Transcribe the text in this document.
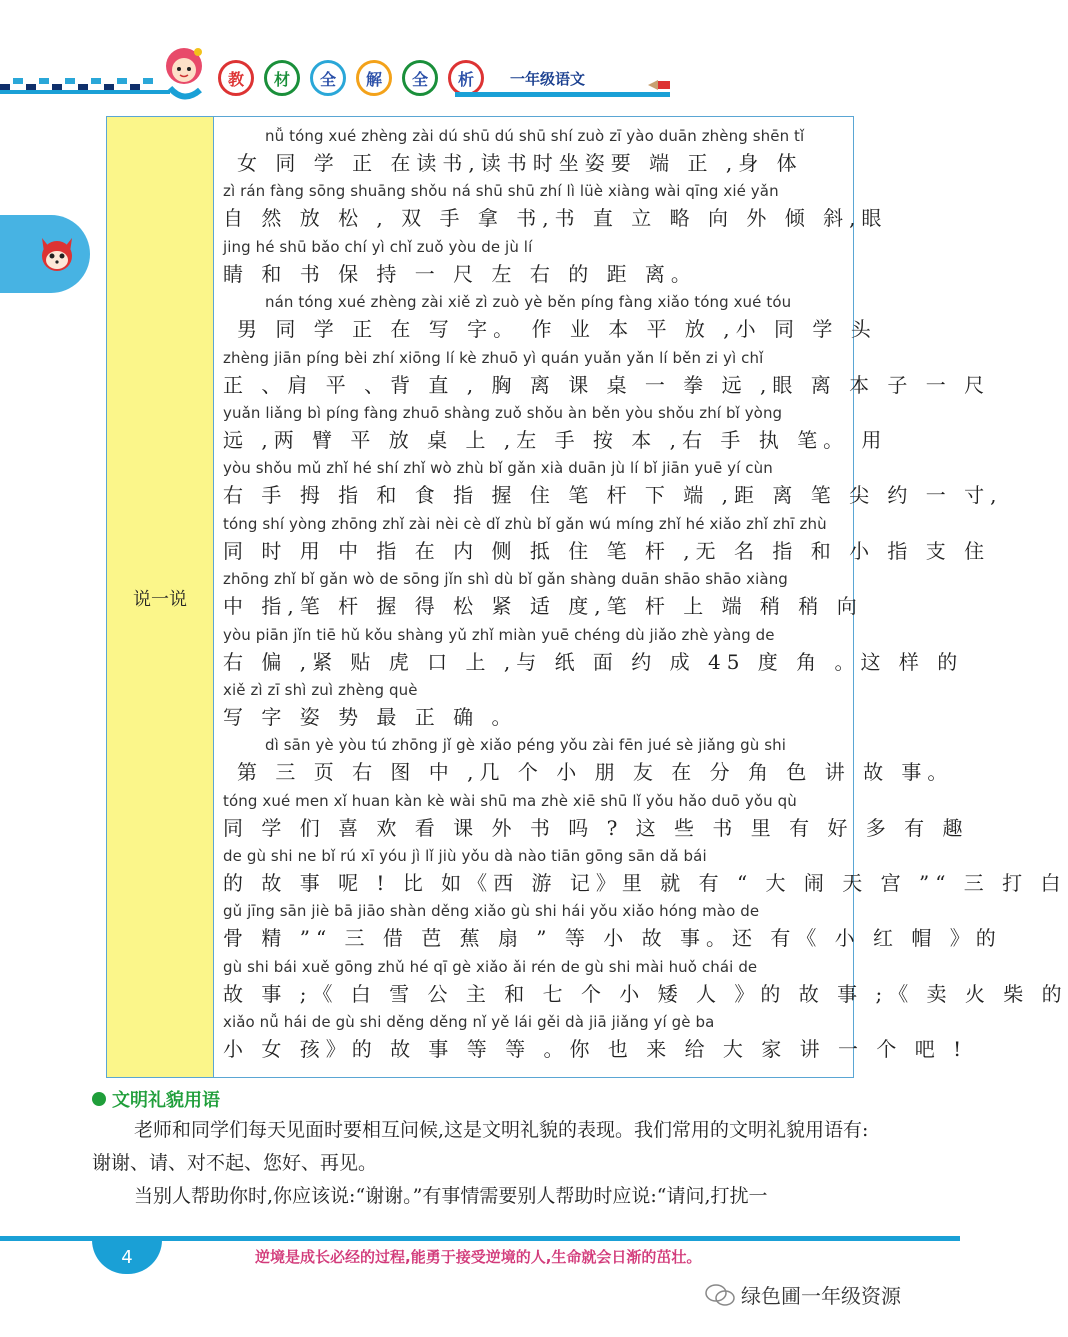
教	材	全	解	全	析	一年级语文
说一说
nǚ tóng xué zhèng zài dú shū dú shū shí zuò zī yào duān zhèng shēn tǐ
女 同 学 正 在读书,读书时坐姿要 端 正 ,身 体
zì rán fàng sōng shuāng shǒu ná shū shū zhí lì lüè xiàng wài qīng xié yǎn
自 然 放 松 , 双 手 拿 书,书 直 立 略 向 外 倾 斜,眼
jing hé shū bǎo chí yì chǐ zuǒ yòu de jù lí
睛 和 书 保 持 一 尺 左 右 的 距 离。
nán tóng xué zhèng zài xiě zì zuò yè běn píng fàng xiǎo tóng xué tóu
男 同 学 正 在 写 字。 作 业 本 平 放 ,小 同 学 头
zhèng jiān píng bèi zhí xiōng lí kè zhuō yì quán yuǎn yǎn lí běn zi yì chǐ
正 、肩 平 、背 直 , 胸 离 课 桌 一 拳 远 ,眼 离 本 子 一 尺
yuǎn liǎng bì píng fàng zhuō shàng zuǒ shǒu àn běn yòu shǒu zhí bǐ yòng
远 ,两 臂 平 放 桌 上 ,左 手 按 本 ,右 手 执 笔。 用
yòu shǒu mǔ zhǐ hé shí zhǐ wò zhù bǐ gǎn xià duān jù lí bǐ jiān yuē yí cùn
右 手 拇 指 和 食 指 握 住 笔 杆 下 端 ,距 离 笔 尖 约 一 寸,
tóng shí yòng zhōng zhǐ zài nèi cè dǐ zhù bǐ gǎn wú míng zhǐ hé xiǎo zhǐ zhī zhù
同 时 用 中 指 在 内 侧 抵 住 笔 杆 ,无 名 指 和 小 指 支 住
zhōng zhǐ bǐ gǎn wò de sōng jǐn shì dù bǐ gǎn shàng duān shāo shāo xiàng
中 指,笔 杆 握 得 松 紧 适 度,笔 杆 上 端 稍 稍 向
yòu piān jǐn tiē hǔ kǒu shàng yǔ zhǐ miàn yuē chéng dù jiǎo zhè yàng de
右 偏 ,紧 贴 虎 口 上 ,与 纸 面 约 成 45 度 角 。这 样 的
xiě zì zī shì zuì zhèng què
写 字 姿 势 最 正 确 。
dì sān yè yòu tú zhōng jǐ gè xiǎo péng yǒu zài fēn jué sè jiǎng gù shi
第 三 页 右 图 中 ,几 个 小 朋 友 在 分 角 色 讲 故 事。
tóng xué men xǐ huan kàn kè wài shū ma zhè xiē shū lǐ yǒu hǎo duō yǒu qù
同 学 们 喜 欢 看 课 外 书 吗 ? 这 些 书 里 有 好 多 有 趣
de gù shi ne bǐ rú xī yóu jì lǐ jiù yǒu dà nào tiān gōng sān dǎ bái
的 故 事 呢 ! 比 如《西 游 记》里 就 有 “ 大 闹 天 宫 ”“ 三 打 白
gǔ jīng sān jiè bā jiāo shàn děng xiǎo gù shi hái yǒu xiǎo hóng mào de
骨 精 ”“ 三 借 芭 蕉 扇 ” 等 小 故 事。还 有《 小 红 帽 》的
gù shi bái xuě gōng zhǔ hé qī gè xiǎo ǎi rén de gù shi mài huǒ chái de
故 事 ;《 白 雪 公 主 和 七 个 小 矮 人 》的 故 事 ;《 卖 火 柴 的
xiǎo nǚ hái de gù shi děng děng nǐ yě lái gěi dà jiā jiǎng yí gè ba
小 女 孩》的 故 事 等 等 。你 也 来 给 大 家 讲 一 个 吧 !
文明礼貌用语
老师和同学们每天见面时要相互问候,这是文明礼貌的表现。我们常用的文明礼貌用语有:谢谢、请、对不起、您好、再见。
当别人帮助你时,你应该说:“谢谢。”有事情需要别人帮助时应说:“请问,打扰一
4	逆境是成长必经的过程,能勇于接受逆境的人,生命就会日渐的茁壮。
绿色圃一年级资源
